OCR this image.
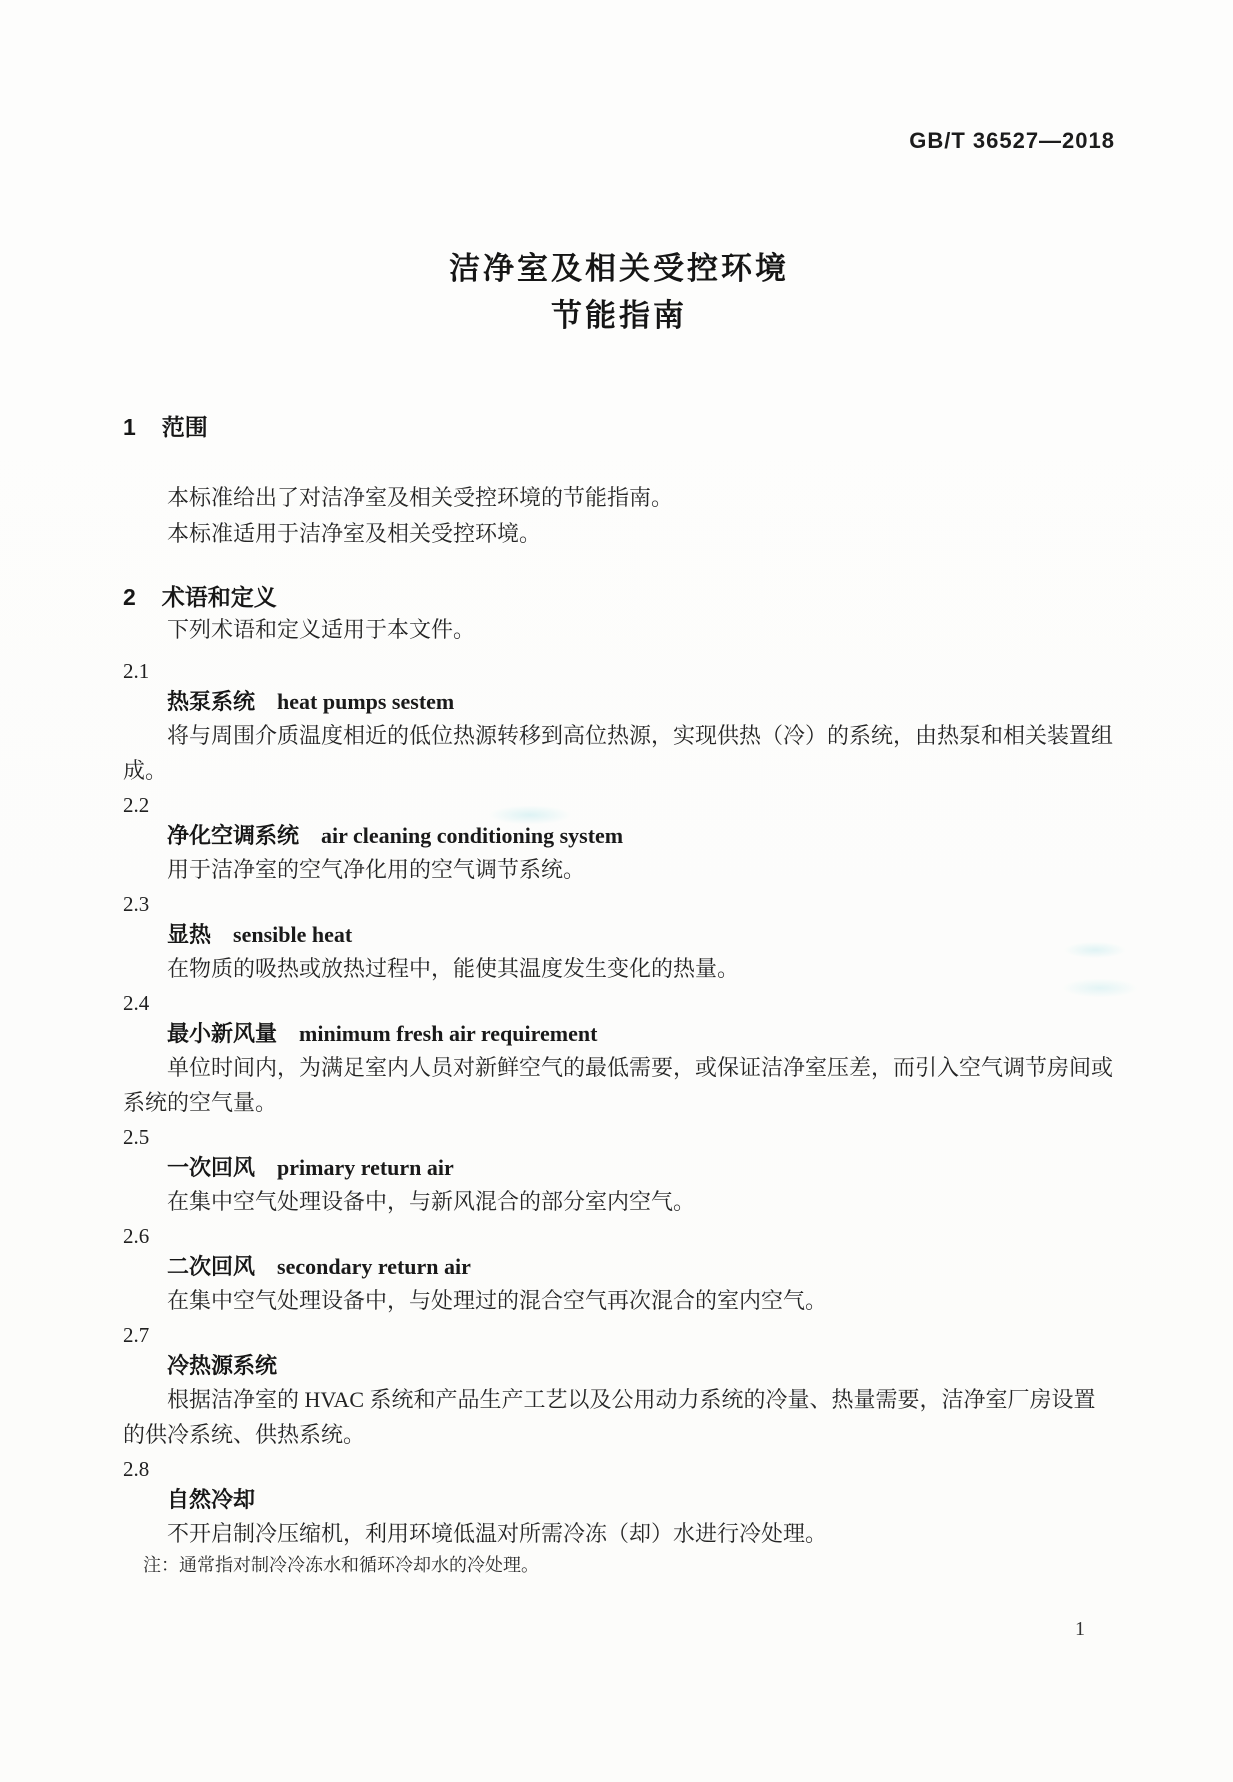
GB/T 36527—2018
洁净室及相关受控环境
节能指南
1 范围

本标准给出了对洁净室及相关受控环境的节能指南。

本标准适用于洁净室及相关受控环境。

2 术语和定义

下列术语和定义适用于本文件。

2.1
热泵系统 heat pumps sestem

将与周围介质温度相近的低位热源转移到高位热源，实现供热（冷）的系统，由热泵和相关装置组成。

2.2
净化空调系统 air cleaning conditioning system

用于洁净室的空气净化用的空气调节系统。

2.3
显热 sensible heat

在物质的吸热或放热过程中，能使其温度发生变化的热量。

2.4
最小新风量 minimum fresh air requirement

单位时间内，为满足室内人员对新鲜空气的最低需要，或保证洁净室压差，而引入空气调节房间或系统的空气量。

2.5
一次回风 primary return air

在集中空气处理设备中，与新风混合的部分室内空气。

2.6
二次回风 secondary return air

在集中空气处理设备中，与处理过的混合空气再次混合的室内空气。

2.7
冷热源系统

根据洁净室的 HVAC 系统和产品生产工艺以及公用动力系统的冷量、热量需要，洁净室厂房设置的供冷系统、供热系统。

2.8
自然冷却

不开启制冷压缩机，利用环境低温对所需冷冻（却）水进行冷处理。

注：通常指对制冷冷冻水和循环冷却水的冷处理。

1
